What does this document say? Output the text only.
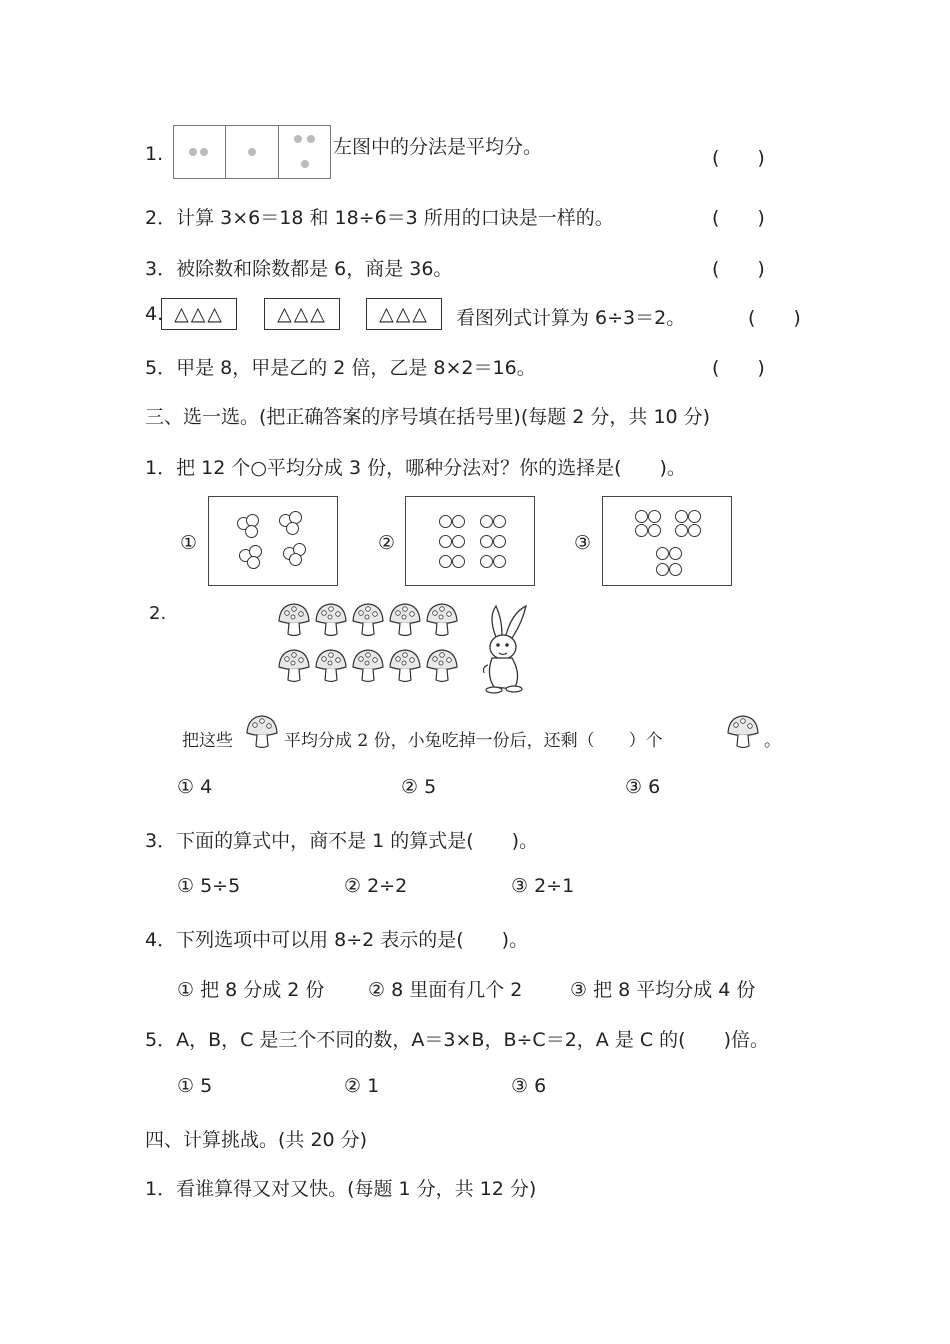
1.	左图中的分法是平均分。	(　　)
2．计算 3×6＝18 和 18÷6＝3 所用的口诀是一样的。	(　　)
3．被除数和除数都是 6，商是 36。	(　　)
4. △△△	△△△	△△△	看图列式计算为 6÷3＝2。	(　　)
5．甲是 8，甲是乙的 2 倍，乙是 8×2＝16。	(　　)
三、选一选。(把正确答案的序号填在括号里)(每题 2 分，共 10 分)
1．把 12 个○平均分成 3 份，哪种分法对？你的选择是(　　)。
①	②	③
2.
把这些	平均分成 2 份，小兔吃掉一份后，还剩（　　）个	。
① 4	② 5	③ 6
3．下面的算式中，商不是 1 的算式是(　　)。
① 5÷5	② 2÷2	③ 2÷1
4．下列选项中可以用 8÷2 表示的是(　　)。
① 把 8 分成 2 份 ② 8 里面有几个 2	③ 把 8 平均分成 4 份
5．A，B，C 是三个不同的数，A＝3×B，B÷C＝2，A 是 C 的(　　)倍。
① 5	② 1	③ 6
四、计算挑战。(共 20 分)
1．看谁算得又对又快。(每题 1 分，共 12 分)
